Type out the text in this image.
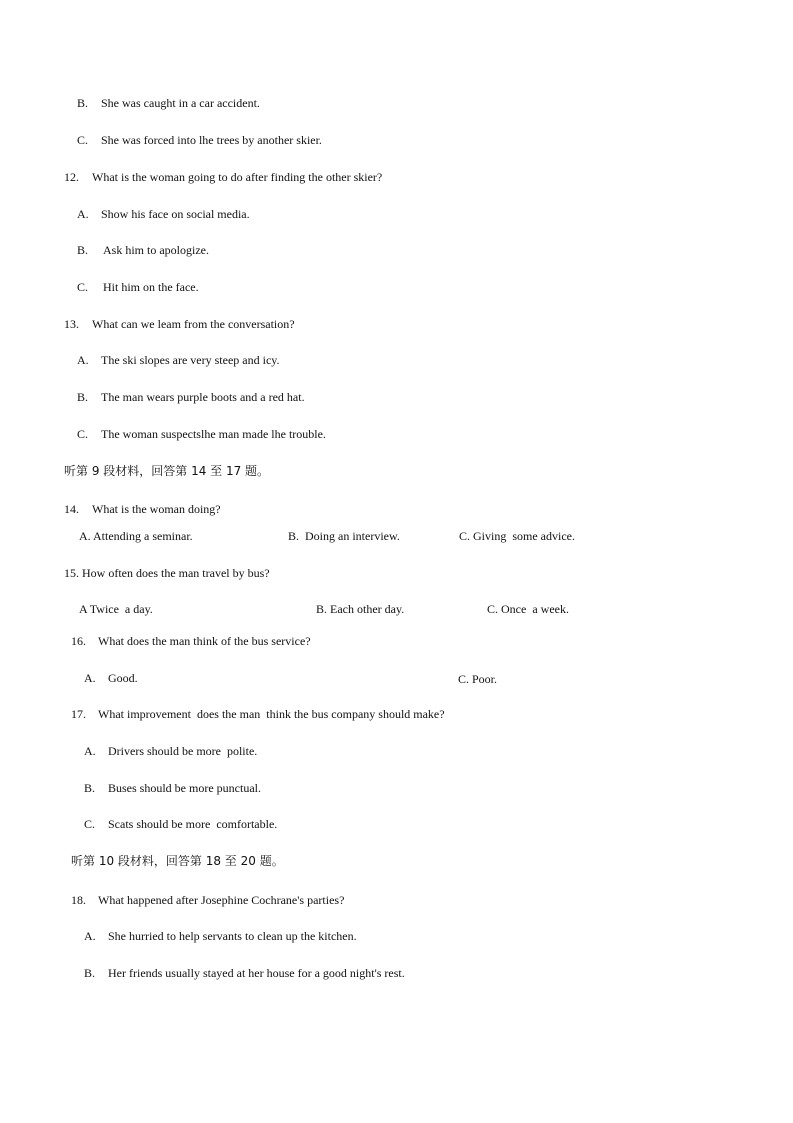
B. She was caught in a car accident.
C. She was forced into lhe trees by another skier.
12. What is the woman going to do after finding the other skier?
A. Show his face on social media.
B. Ask him to apologize.
C. Hit him on the face.
13. What can we leam from the conversation?
A. The ski slopes are very steep and icy.
B. The man wears purple boots and a red hat.
C. The woman suspectslhe man made lhe trouble.
听第 9 段材料，回答第 14 至 17 题。
14. What is the woman doing?
A. Attending a seminar.	B.  Doing an interview.	C. Giving  some advice.
15. How often does the man travel by bus?
A Twice  a day.	B. Each other day.	C. Once  a week.
16. What does the man think of the bus service?
A. Good.	C. Poor.
17. What improvement  does the man  think the bus company should make?
A. Drivers should be more  polite.
B. Buses should be more punctual.
C. Scats should be more  comfortable.
听第 10 段材料，回答第 18 至 20 题。
18. What happened after Josephine Cochrane's parties?
A. She hurried to help servants to clean up the kitchen.
B. Her friends usually stayed at her house for a good night's rest.
